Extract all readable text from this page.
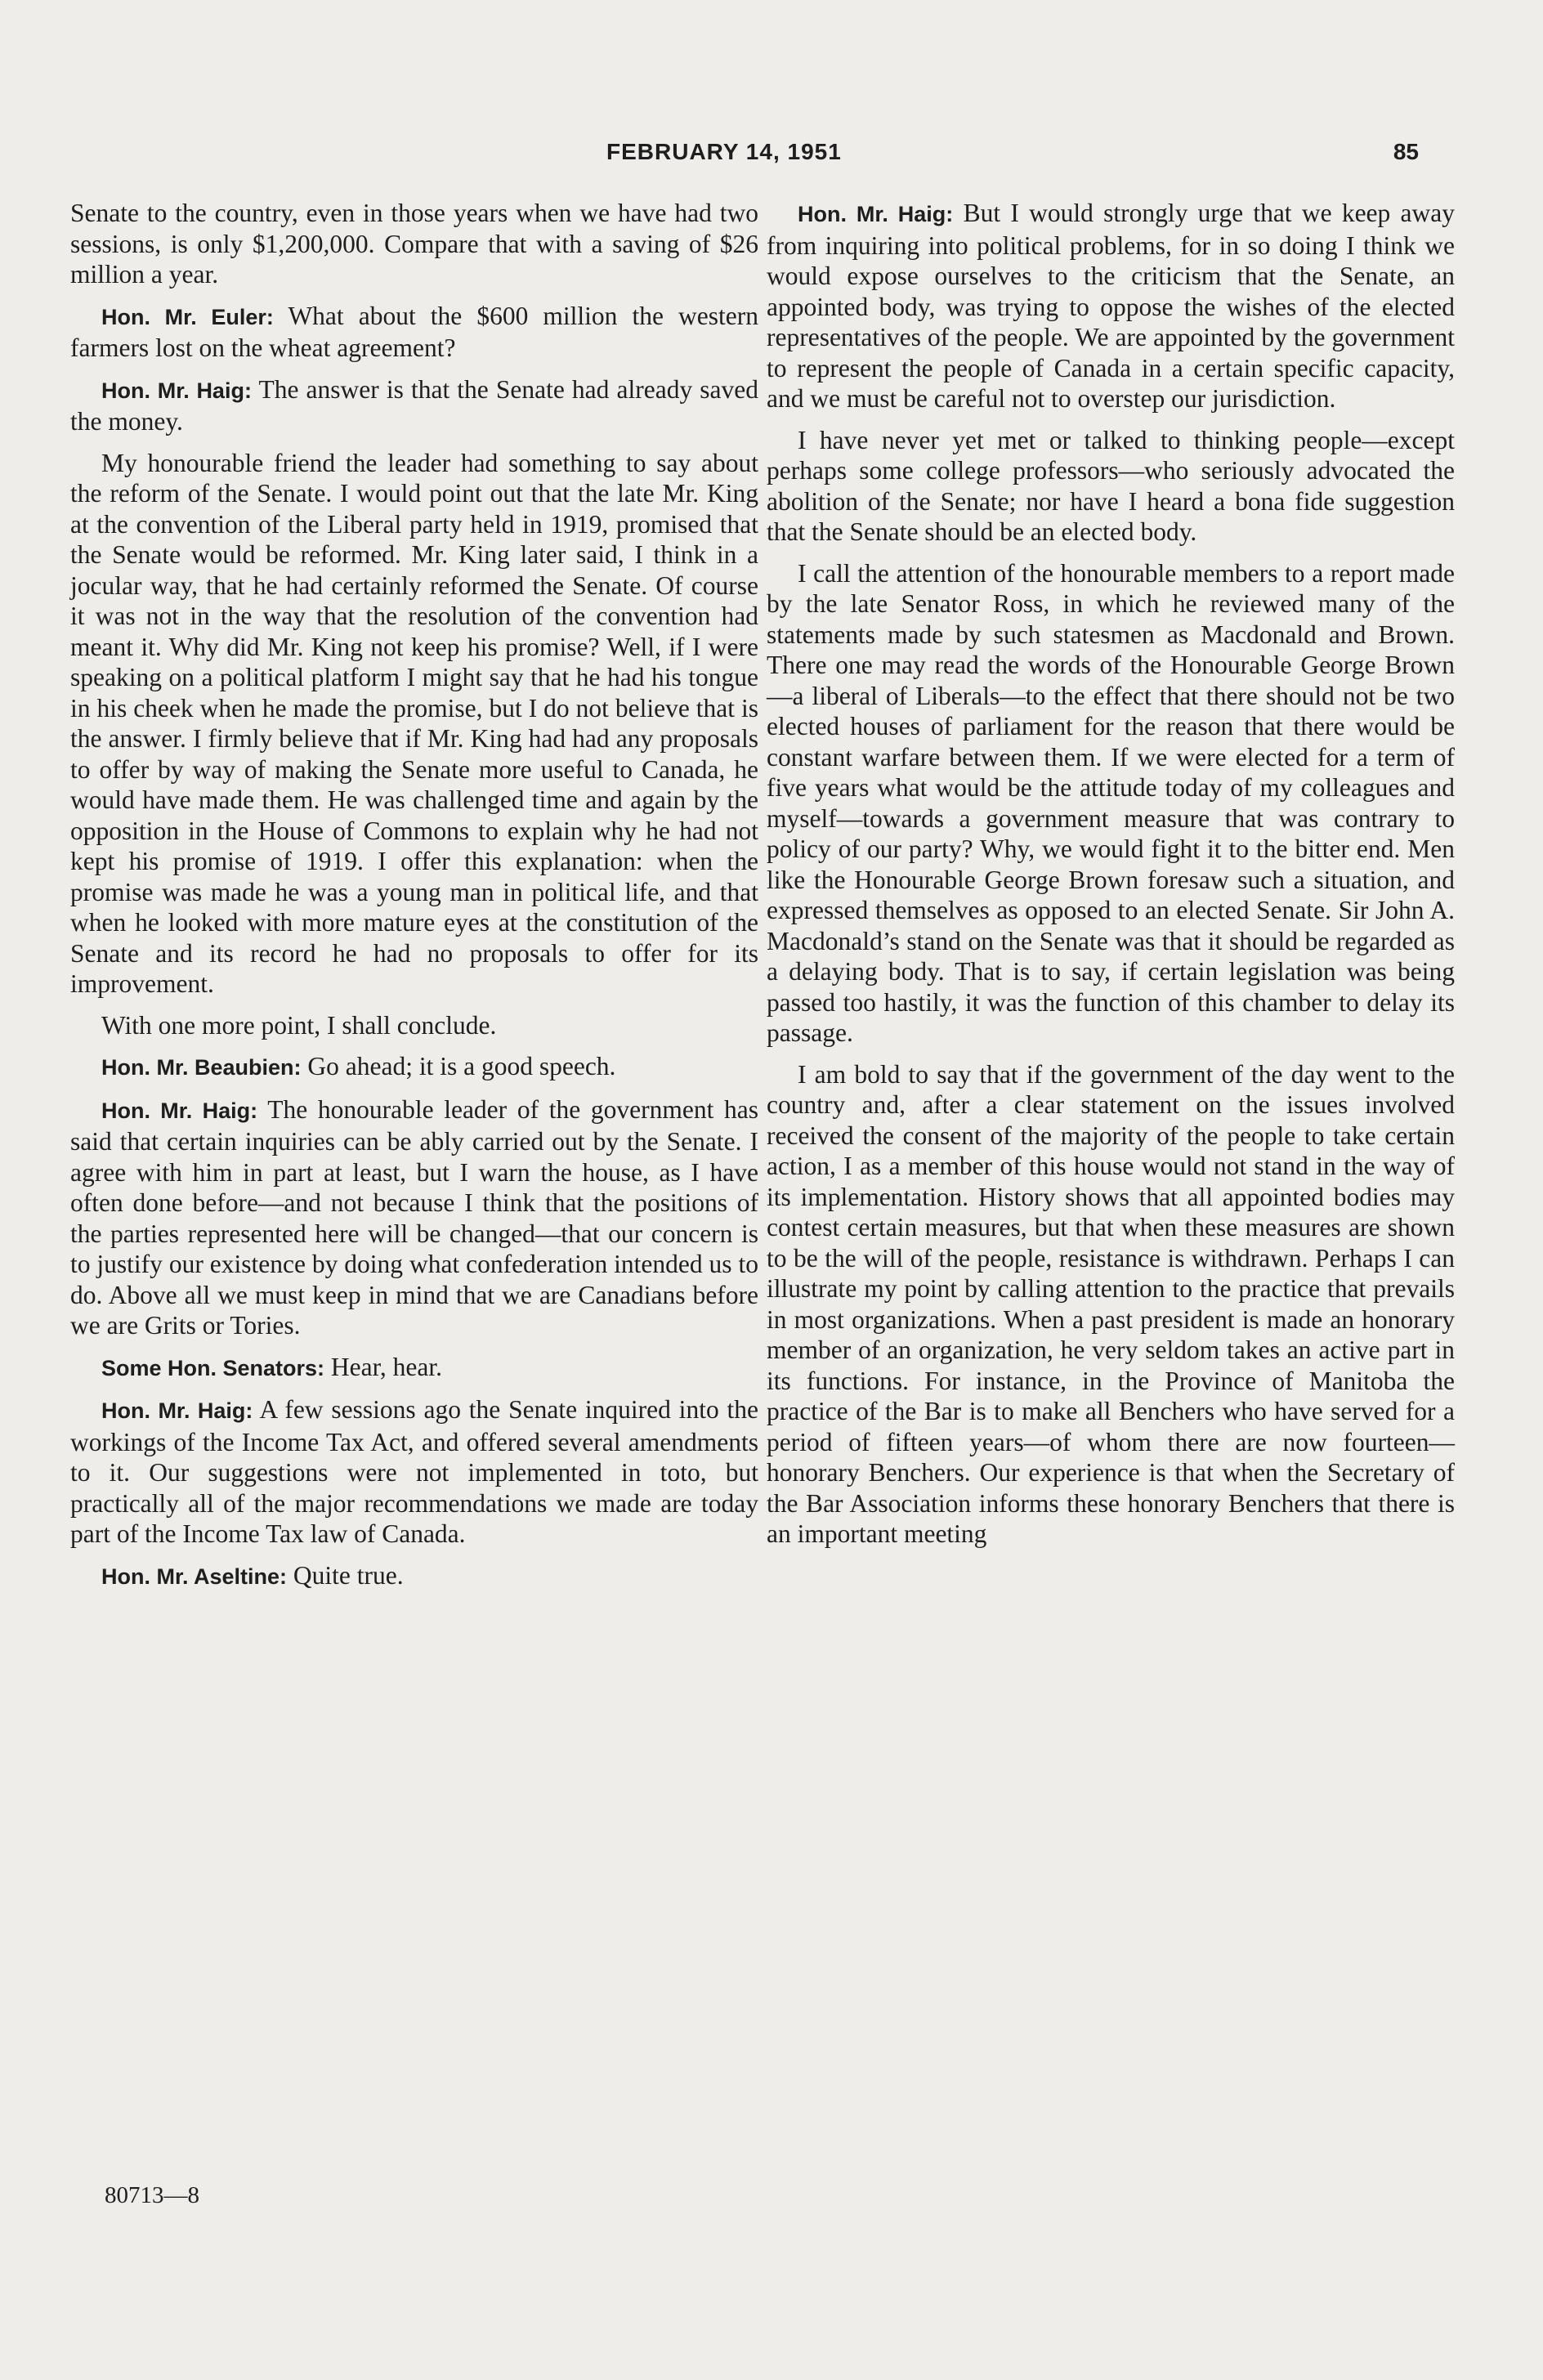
FEBRUARY 14, 1951	85

Senate to the country, even in those years when we have had two sessions, is only $1,200,000. Compare that with a saving of $26 million a year.

Hon. Mr. Euler: What about the $600 million the western farmers lost on the wheat agreement?

Hon. Mr. Haig: The answer is that the Senate had already saved the money.

My honourable friend the leader had something to say about the reform of the Senate. I would point out that the late Mr. King at the convention of the Liberal party held in 1919, promised that the Senate would be reformed. Mr. King later said, I think in a jocular way, that he had certainly reformed the Senate. Of course it was not in the way that the resolution of the convention had meant it. Why did Mr. King not keep his promise? Well, if I were speaking on a political platform I might say that he had his tongue in his cheek when he made the promise, but I do not believe that is the answer. I firmly believe that if Mr. King had had any proposals to offer by way of making the Senate more useful to Canada, he would have made them. He was challenged time and again by the opposition in the House of Commons to explain why he had not kept his promise of 1919. I offer this explanation: when the promise was made he was a young man in political life, and that when he looked with more mature eyes at the constitution of the Senate and its record he had no proposals to offer for its improvement.

With one more point, I shall conclude.

Hon. Mr. Beaubien: Go ahead; it is a good speech.

Hon. Mr. Haig: The honourable leader of the government has said that certain inquiries can be ably carried out by the Senate. I agree with him in part at least, but I warn the house, as I have often done before—and not because I think that the positions of the parties represented here will be changed—that our concern is to justify our existence by doing what confederation intended us to do. Above all we must keep in mind that we are Canadians before we are Grits or Tories.

Some Hon. Senators: Hear, hear.

Hon. Mr. Haig: A few sessions ago the Senate inquired into the workings of the Income Tax Act, and offered several amendments to it. Our suggestions were not implemented in toto, but practically all of the major recommendations we made are today part of the Income Tax law of Canada.

Hon. Mr. Aseltine: Quite true.

Hon. Mr. Haig: But I would strongly urge that we keep away from inquiring into political problems, for in so doing I think we would expose ourselves to the criticism that the Senate, an appointed body, was trying to oppose the wishes of the elected representatives of the people. We are appointed by the government to represent the people of Canada in a certain specific capacity, and we must be careful not to overstep our jurisdiction.

I have never yet met or talked to thinking people—except perhaps some college professors—who seriously advocated the abolition of the Senate; nor have I heard a bona fide suggestion that the Senate should be an elected body.

I call the attention of the honourable members to a report made by the late Senator Ross, in which he reviewed many of the statements made by such statesmen as Macdonald and Brown. There one may read the words of the Honourable George Brown—a liberal of Liberals—to the effect that there should not be two elected houses of parliament for the reason that there would be constant warfare between them. If we were elected for a term of five years what would be the attitude today of my colleagues and myself—towards a government measure that was contrary to policy of our party? Why, we would fight it to the bitter end. Men like the Honourable George Brown foresaw such a situation, and expressed themselves as opposed to an elected Senate. Sir John A. Macdonald’s stand on the Senate was that it should be regarded as a delaying body. That is to say, if certain legislation was being passed too hastily, it was the function of this chamber to delay its passage.

I am bold to say that if the government of the day went to the country and, after a clear statement on the issues involved received the consent of the majority of the people to take certain action, I as a member of this house would not stand in the way of its implementation. History shows that all appointed bodies may contest certain measures, but that when these measures are shown to be the will of the people, resistance is withdrawn. Perhaps I can illustrate my point by calling attention to the practice that prevails in most organizations. When a past president is made an honorary member of an organization, he very seldom takes an active part in its functions. For instance, in the Province of Manitoba the practice of the Bar is to make all Benchers who have served for a period of fifteen years—of whom there are now fourteen—honorary Benchers. Our experience is that when the Secretary of the Bar Association informs these honorary Benchers that there is an important meeting

80713—8
